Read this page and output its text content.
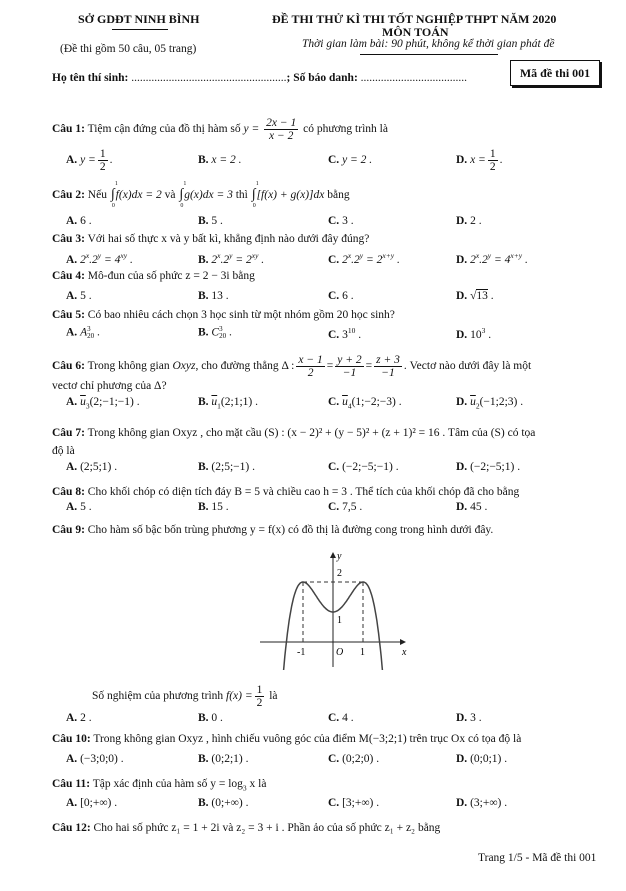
SỞ GDĐT NINH BÌNH
(Đề thi gồm 50 câu, 05 trang)
ĐỀ THI THỬ KÌ THI TỐT NGHIỆP THPT NĂM 2020
MÔN TOÁN
Thời gian làm bài: 90 phút, không kể thời gian phát đề
Mã đề thi 001
Họ tên thí sinh: ......................................................; Số báo danh: .....................................
Câu 1: Tiệm cận đứng của đồ thị hàm số $y = \frac{2x - 1}{x - 2}$ có phương trình là
A. $y = \frac{1}{2}$ .	B. x = 2 .	C. y = 2 .	D. $x = \frac{1}{2}$ .
Câu 2: Nếu ∫
1
0
f(x)dx = 2 và ∫
1
0
g(x)dx = 3 thì ∫
1
0
[f(x) + g(x)]dx bằng
A. 6 .	B. 5 .	C. 3 .	D. 2 .
Câu 3: Với hai số thực x và y bất kì, khẳng định nào dưới đây đúng?
A. $2^x.2^y = 4^{xy}$ .	B. $2^x.2^y = 2^{xy}$ .	C. $2^x.2^y = 2^{x+y}$ .	D. $2^x.2^y = 4^{x+y}$ .
Câu 4: Mô-đun của số phức z = 2 − 3i bằng
A. 5 .	B. 13 .	C. 6 .	D. √13 .
Câu 5: Có bao nhiêu cách chọn 3 học sinh từ một nhóm gồm 20 học sinh?
A. A 3
20 .	B. C 3
20 .	C. $3^{10}$ .	D. $10^3$ .
Câu 6: Trong không gian Oxyz, cho đường thẳng Δ : $\frac{x - 1}{2} = \frac{y + 2}{-1} = \frac{z + 3}{-1}$ . Vectơ nào dưới đây là một
vectơ chỉ phương của Δ?
A. $\overline{u}_3(2;-1;-1)$ .	B. $\overline{u}_1(2;1;1)$ .	C. $\overline{u}_4(1;-2;-3)$ .	D. $\overline{u}_2(-1;2;3)$ .
Câu 7: Trong không gian Oxyz , cho mặt cầu (S) : (x − 2)² + (y − 5)² + (z + 1)² = 16 . Tâm của (S) có tọa
độ là
A. (2;5;1) .	B. (2;5;−1) .	C. (−2;−5;−1) .	D. (−2;−5;1) .
Câu 8: Cho khối chóp có diện tích đáy B = 5 và chiều cao h = 3 . Thể tích của khối chóp đã cho bằng
A. 5 .	B. 15 .	C. 7,5 .	D. 45 .
Câu 9: Cho hàm số bậc bốn trùng phương y = f(x) có đồ thị là đường cong trong hình dưới đây.
y
x
2
1
-1	O 1
Số nghiệm của phương trình $f(x) = \frac{1}{2}$ là
A. 2 .	B. 0 .	C. 4 .	D. 3 .
Câu 10: Trong không gian Oxyz , hình chiếu vuông góc của điểm M(−3;2;1) trên trục Ox có tọa độ là
A. (−3;0;0) .	B. (0;2;1) .	C. (0;2;0) .	D. (0;0;1) .
Câu 11: Tập xác định của hàm số $y = \log_3 x$ là
A. [0;+∞) .	B. (0;+∞) .	C. [3;+∞) .	D. (3;+∞) .
Câu 12: Cho hai số phức z₁ = 1 + 2i và z₂ = 3 + i . Phần ảo của số phức z₁ + z₂ bằng
Trang 1/5 - Mã đề thi 001
